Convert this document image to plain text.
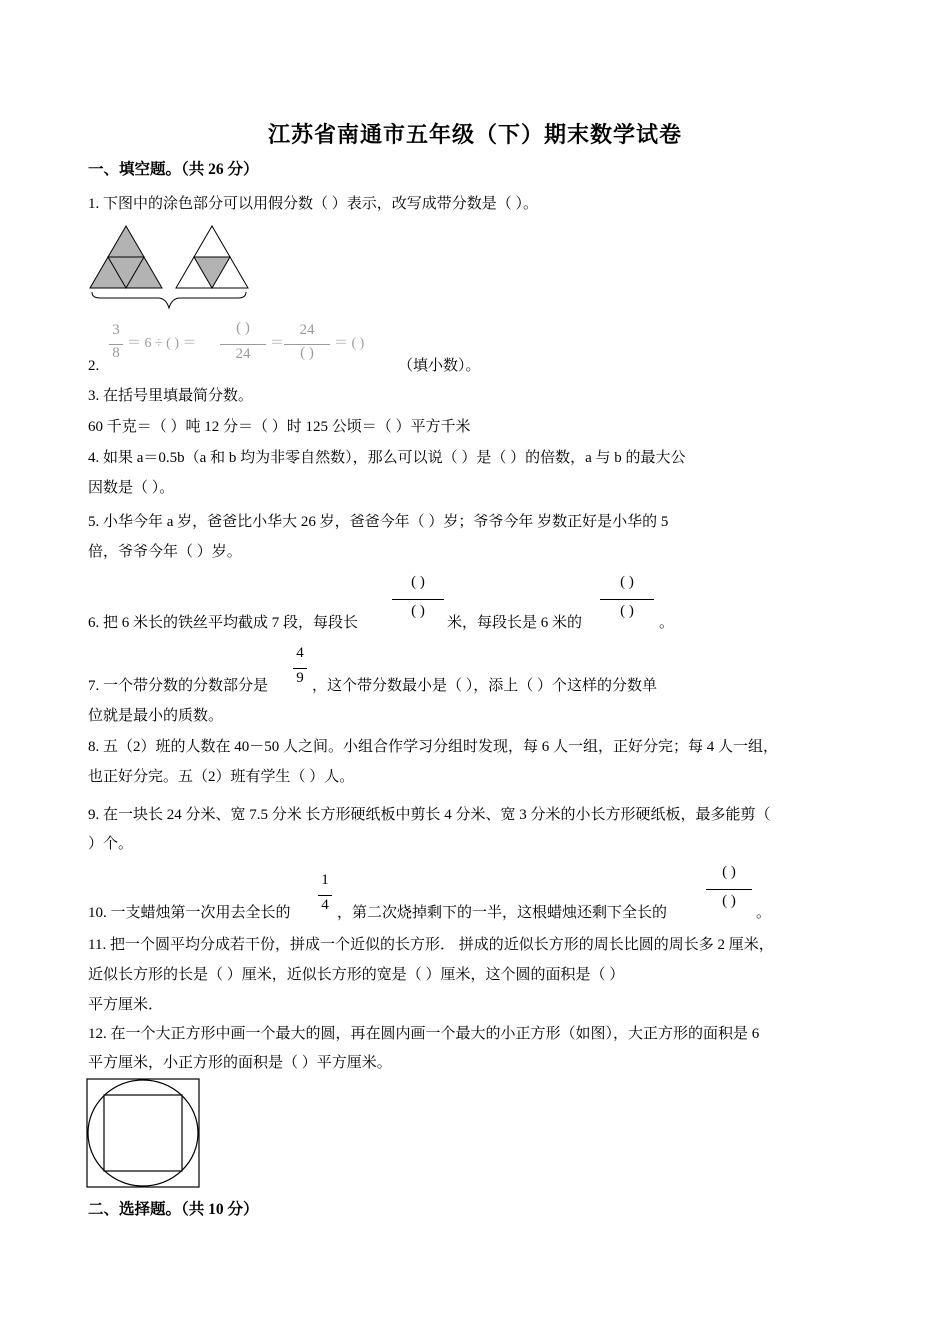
江苏省南通市五年级（下）期末数学试卷
一、填空题。（共 26 分）
1. 下图中的涂色部分可以用假分数（ ）表示，改写成带分数是（ ）。
2.
3
8
＝ 6 ÷ ( ) ＝
( )
24
＝
24
( )
＝ ( )
（填小数）。
3. 在括号里填最简分数。
60 千克＝（ ）吨 12 分＝（ ）时 125 公顷＝（ ）平方千米
4. 如果 a＝0.5b（a 和 b 均为非零自然数），那么可以说（ ）是（ ）的倍数，a 与 b 的最大公
因数是（ ）。
5. 小华今年 a 岁，爸爸比小华大 26 岁，爸爸今年（ ）岁；爷爷今年 岁数正好是小华的 5
倍，爷爷今年（ ）岁。
6. 把 6 米长的铁丝平均截成 7 段，每段长
( )
( )
米，每段长是 6 米的
( )
( )
。
7. 一个带分数的分数部分是
4
9 ，这个带分数最小是（ ），添上（ ）个这样的分数单
位就是最小的质数。
8. 五（2）班的人数在 40－50 人之间。小组合作学习分组时发现，每 6 人一组，正好分完；每 4 人一组，
也正好分完。五（2）班有学生（ ）人。
9. 在一块长 24 分米、宽 7.5 分米 长方形硬纸板中剪长 4 分米、宽 3 分米的小长方形硬纸板，最多能剪（
）个。
10. 一支蜡烛第一次用去全长的
1
4 ，第二次烧掉剩下的一半，这根蜡烛还剩下全长的
( )
( )
。
11. 把一个圆平均分成若干份，拼成一个近似的长方形． 拼成的近似长方形的周长比圆的周长多 2 厘米，
近似长方形的长是（ ）厘米，近似长方形的宽是（ ）厘米，这个圆的面积是（ ）
平方厘米．
12. 在一个大正方形中画一个最大的圆，再在圆内画一个最大的小正方形（如图），大正方形的面积是 6
平方厘米，小正方形的面积是（ ）平方厘米。
二、选择题。（共 10 分）
